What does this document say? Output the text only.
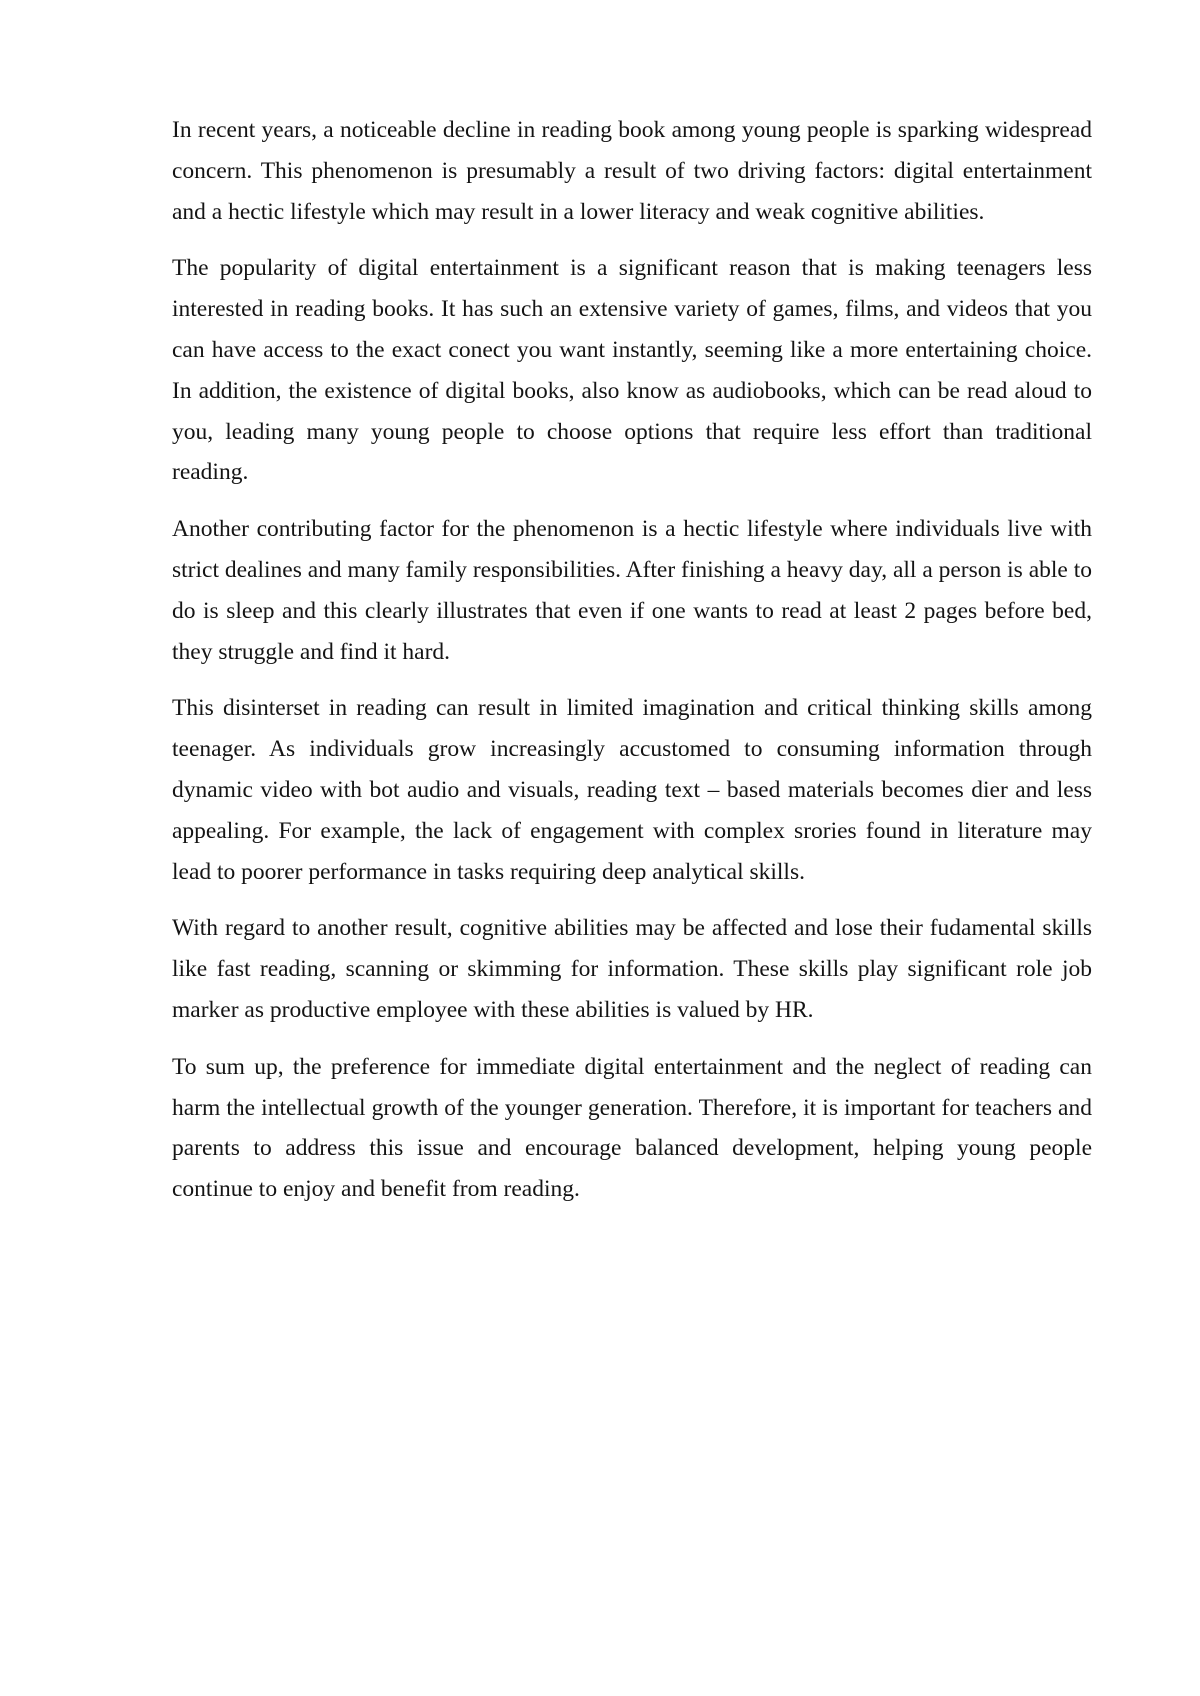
In recent years, a noticeable decline in reading book among young people is sparking widespread concern. This phenomenon is presumably a result of two driving factors: digital entertainment and a hectic lifestyle which may result in a lower literacy and weak cognitive abilities.

The popularity of digital entertainment is a significant reason that is making teenagers less interested in reading books. It has such an extensive variety of games, films, and videos that you can have access to the exact conect you want instantly, seeming like a more entertaining choice. In addition, the existence of digital books, also know as audiobooks, which can be read aloud to you, leading many young people to choose options that require less effort than traditional reading.

Another contributing factor for the phenomenon is a hectic lifestyle where individuals live with strict dealines and many family responsibilities. After finishing a heavy day, all a person is able to do is sleep and this clearly illustrates that even if one wants to read at least 2 pages before bed, they struggle and find it hard.

This disinterset in reading can result in limited imagination and critical thinking skills among teenager. As individuals grow increasingly accustomed to consuming information through dynamic video with bot audio and visuals, reading text – based materials becomes dier and less appealing. For example, the lack of engagement with complex srories found in literature may lead to poorer performance in tasks requiring deep analytical skills.

With regard to another result, cognitive abilities may be affected and lose their fudamental skills like fast reading, scanning or skimming for information. These skills play significant role job marker as productive employee with these abilities is valued by HR.

To sum up, the preference for immediate digital entertainment and the neglect of reading can harm the intellectual growth of the younger generation. Therefore, it is important for teachers and parents to address this issue and encourage balanced development, helping young people continue to enjoy and benefit from reading.
